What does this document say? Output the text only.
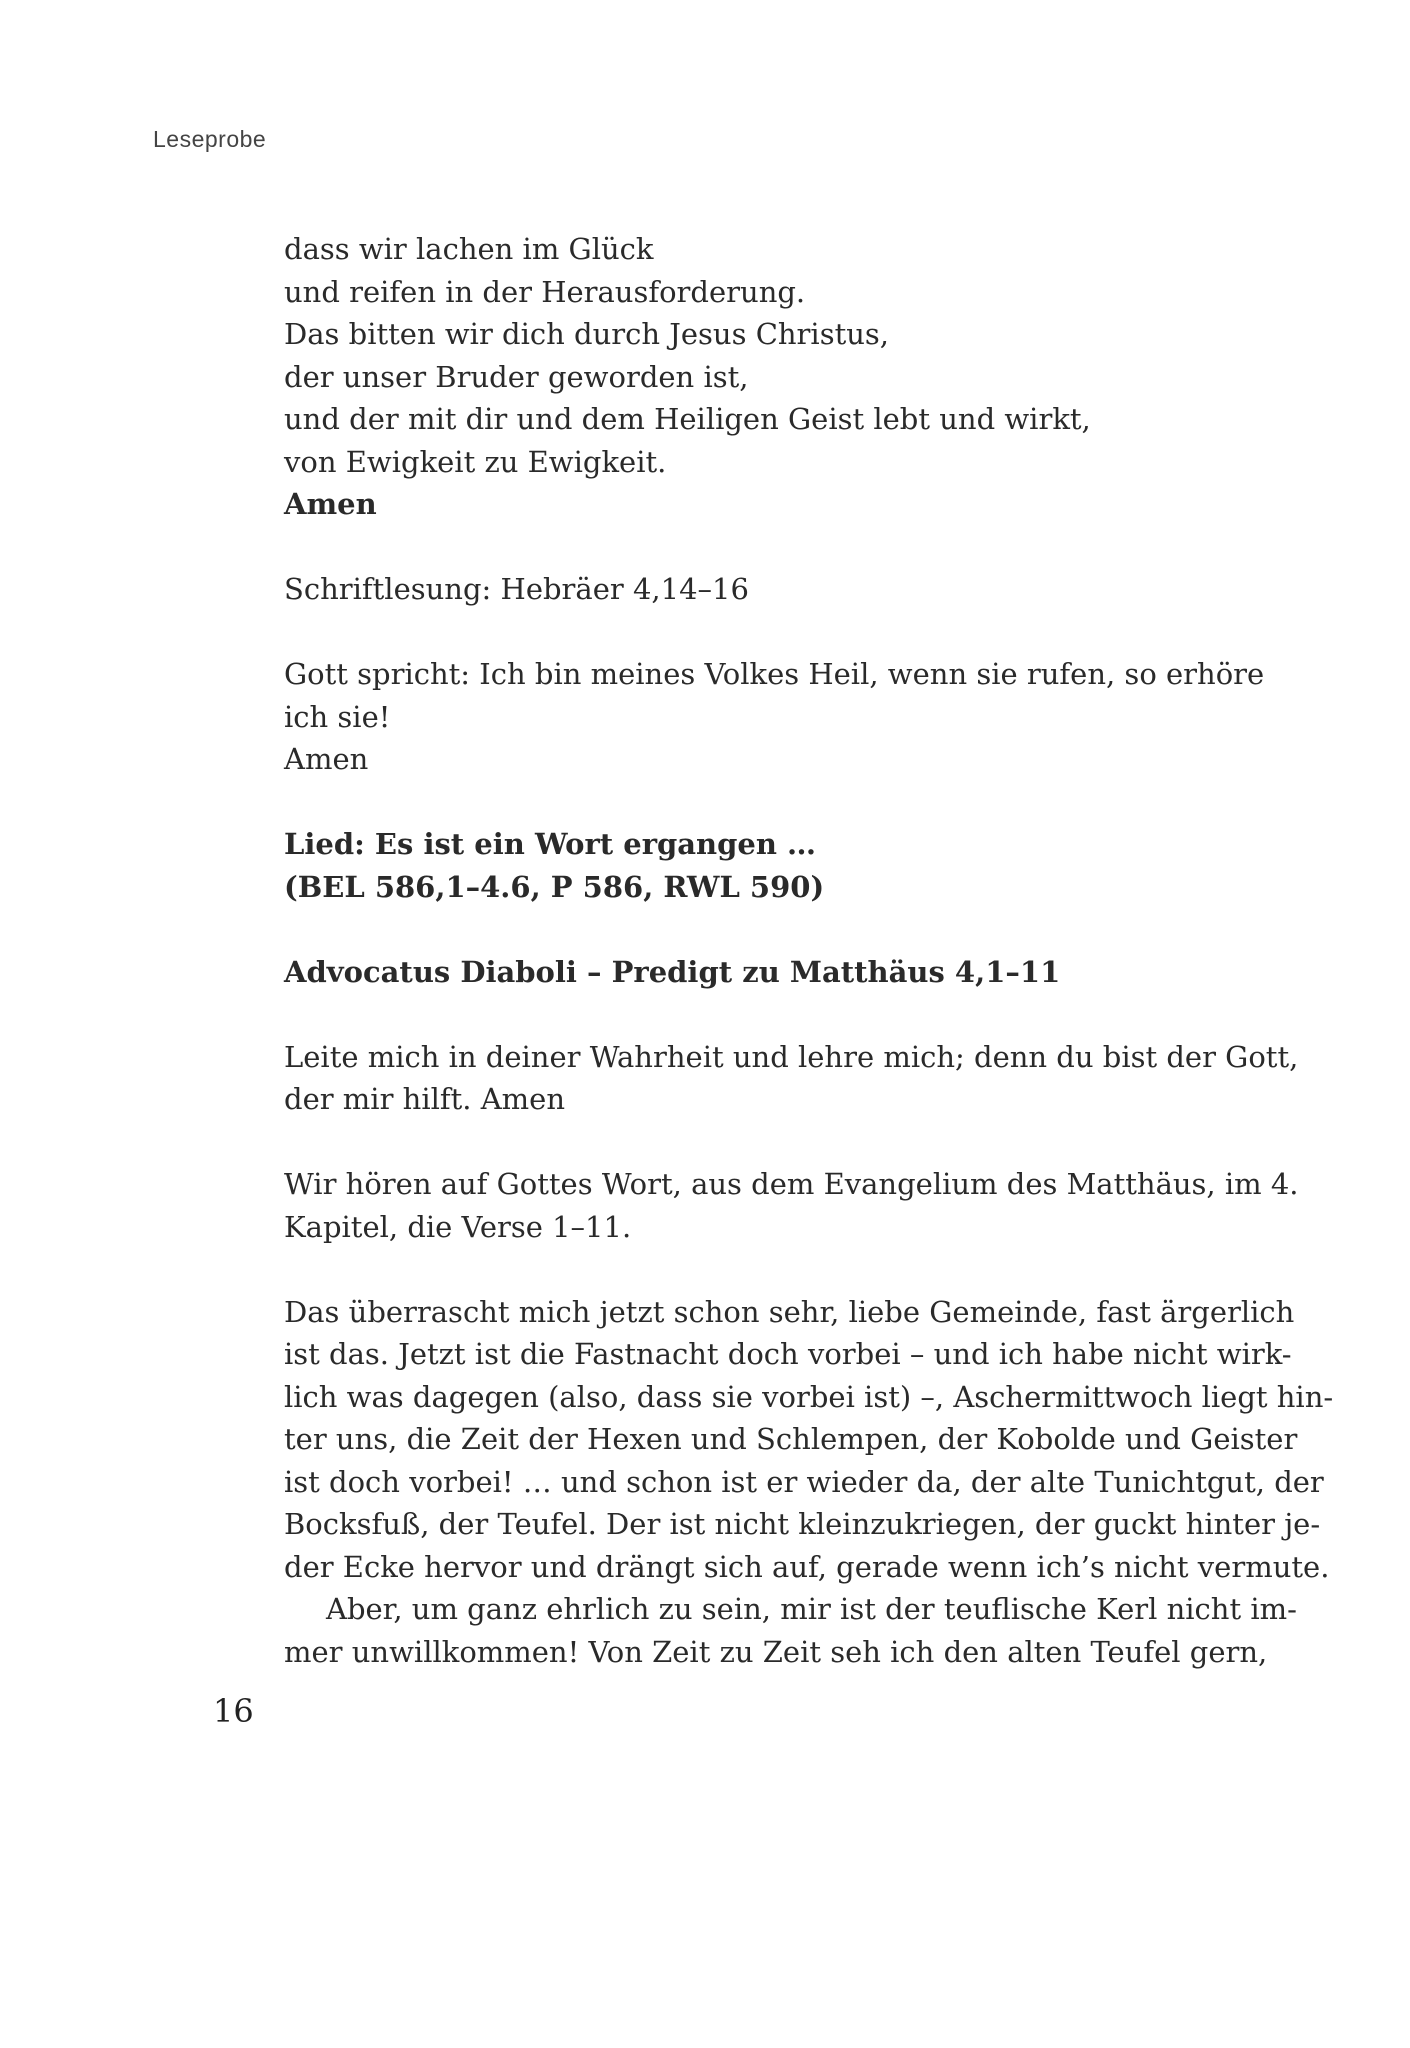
Leseprobe
dass wir lachen im Glück
und reifen in der Herausforderung.
Das bitten wir dich durch Jesus Christus,
der unser Bruder geworden ist,
und der mit dir und dem Heiligen Geist lebt und wirkt,
von Ewigkeit zu Ewigkeit.
Amen
Schriftlesung: Hebräer 4,14–16
Gott spricht: Ich bin meines Volkes Heil, wenn sie rufen, so erhöre
ich sie!
Amen
Lied: Es ist ein Wort ergangen …
(BEL 586,1–4.6, P 586, RWL 590)
Advocatus Diaboli – Predigt zu Matthäus 4,1–11
Leite mich in deiner Wahrheit und lehre mich; denn du bist der Gott,
der mir hilft. Amen
Wir hören auf Gottes Wort, aus dem Evangelium des Matthäus, im 4.
Kapitel, die Verse 1–11.
Das überrascht mich jetzt schon sehr, liebe Gemeinde, fast ärgerlich
ist das. Jetzt ist die Fastnacht doch vorbei – und ich habe nicht wirk-
lich was dagegen (also, dass sie vorbei ist) –, Aschermittwoch liegt hin-
ter uns, die Zeit der Hexen und Schlempen, der Kobolde und Geister
ist doch vorbei! … und schon ist er wieder da, der alte Tunichtgut, der
Bocksfuß, der Teufel. Der ist nicht kleinzukriegen, der guckt hinter je-
der Ecke hervor und drängt sich auf, gerade wenn ich’s nicht vermute.
Aber, um ganz ehrlich zu sein, mir ist der teuflische Kerl nicht im-
mer unwillkommen! Von Zeit zu Zeit seh ich den alten Teufel gern,
16
